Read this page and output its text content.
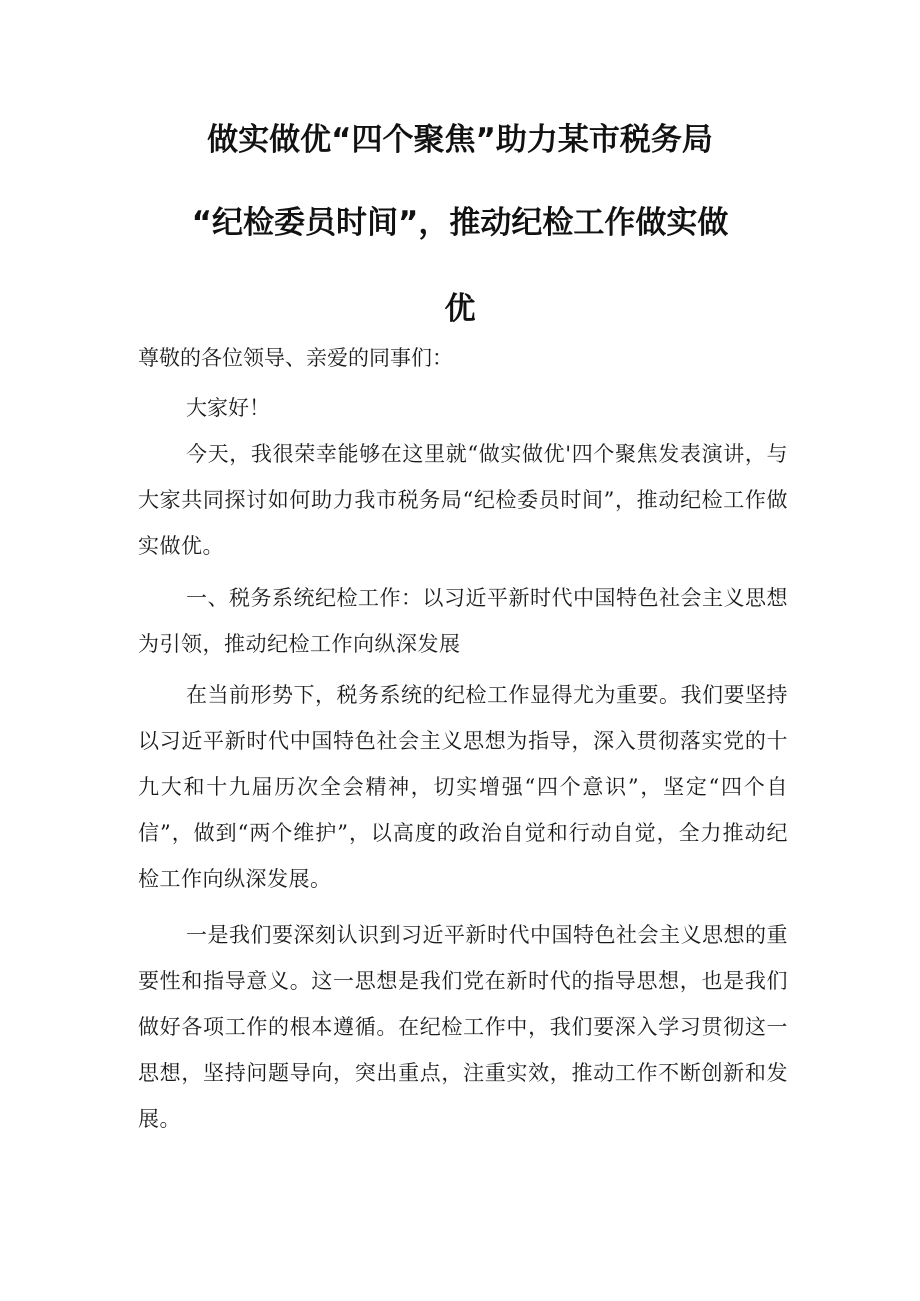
做实做优“四个聚焦”助力某市税务局
“纪检委员时间”，推动纪检工作做实做
优
尊敬的各位领导、亲爱的同事们：
大家好！

今天，我很荣幸能够在这里就“做实做优'四个聚焦发表演讲，与大家共同探讨如何助力我市税务局“纪检委员时间”，推动纪检工作做实做优。

一、税务系统纪检工作：以习近平新时代中国特色社会主义思想为引领，推动纪检工作向纵深发展

在当前形势下，税务系统的纪检工作显得尤为重要。我们要坚持以习近平新时代中国特色社会主义思想为指导，深入贯彻落实党的十九大和十九届历次全会精神，切实增强“四个意识”，坚定“四个自信”，做到“两个维护”，以高度的政治自觉和行动自觉，全力推动纪检工作向纵深发展。

一是我们要深刻认识到习近平新时代中国特色社会主义思想的重要性和指导意义。这一思想是我们党在新时代的指导思想，也是我们做好各项工作的根本遵循。在纪检工作中，我们要深入学习贯彻这一思想，坚持问题导向，突出重点，注重实效，推动工作不断创新和发展。
